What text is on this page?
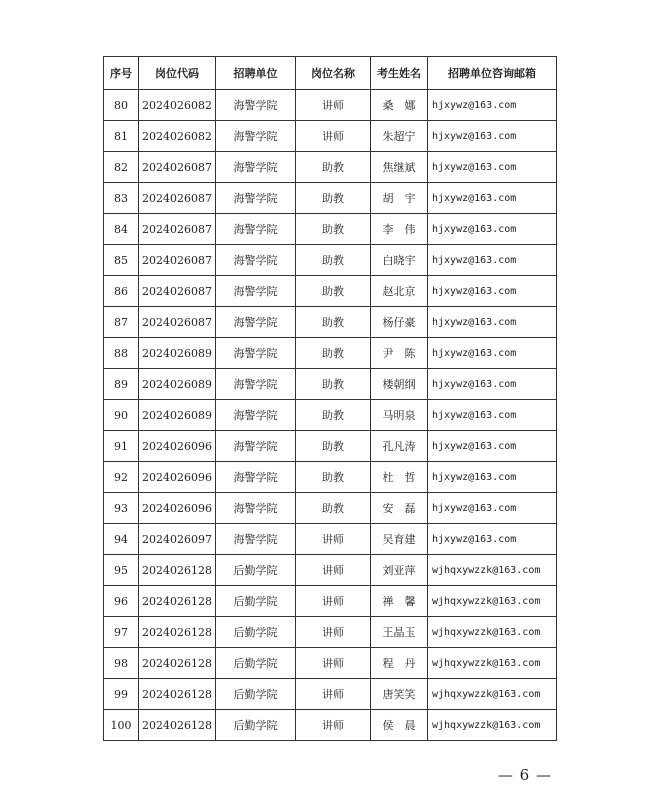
序号	岗位代码	招聘单位	岗位名称	考生姓名	招聘单位咨询邮箱
80	2024026082	海警学院	讲师	桑　娜	hjxywz@163.com
81	2024026082	海警学院	讲师	朱超宁	hjxywz@163.com
82	2024026087	海警学院	助教	焦继斌	hjxywz@163.com
83	2024026087	海警学院	助教	胡　宇	hjxywz@163.com
84	2024026087	海警学院	助教	李　伟	hjxywz@163.com
85	2024026087	海警学院	助教	白晓宇	hjxywz@163.com
86	2024026087	海警学院	助教	赵北京	hjxywz@163.com
87	2024026087	海警学院	助教	杨仔豪	hjxywz@163.com
88	2024026089	海警学院	助教	尹　陈	hjxywz@163.com
89	2024026089	海警学院	助教	楼朝纲	hjxywz@163.com
90	2024026089	海警学院	助教	马明泉	hjxywz@163.com
91	2024026096	海警学院	助教	孔凡涛	hjxywz@163.com
92	2024026096	海警学院	助教	杜　哲	hjxywz@163.com
93	2024026096	海警学院	助教	安　磊	hjxywz@163.com
94	2024026097	海警学院	讲师	吴育建	hjxywz@163.com
95	2024026128	后勤学院	讲师	刘亚萍	wjhqxywzzk@163.com
96	2024026128	后勤学院	讲师	禅　馨	wjhqxywzzk@163.com
97	2024026128	后勤学院	讲师	王晶玉	wjhqxywzzk@163.com
98	2024026128	后勤学院	讲师	程　丹	wjhqxywzzk@163.com
99	2024026128	后勤学院	讲师	唐笑笑	wjhqxywzzk@163.com
100	2024026128	后勤学院	讲师	侯　晨	wjhqxywzzk@163.com
— 6 —
